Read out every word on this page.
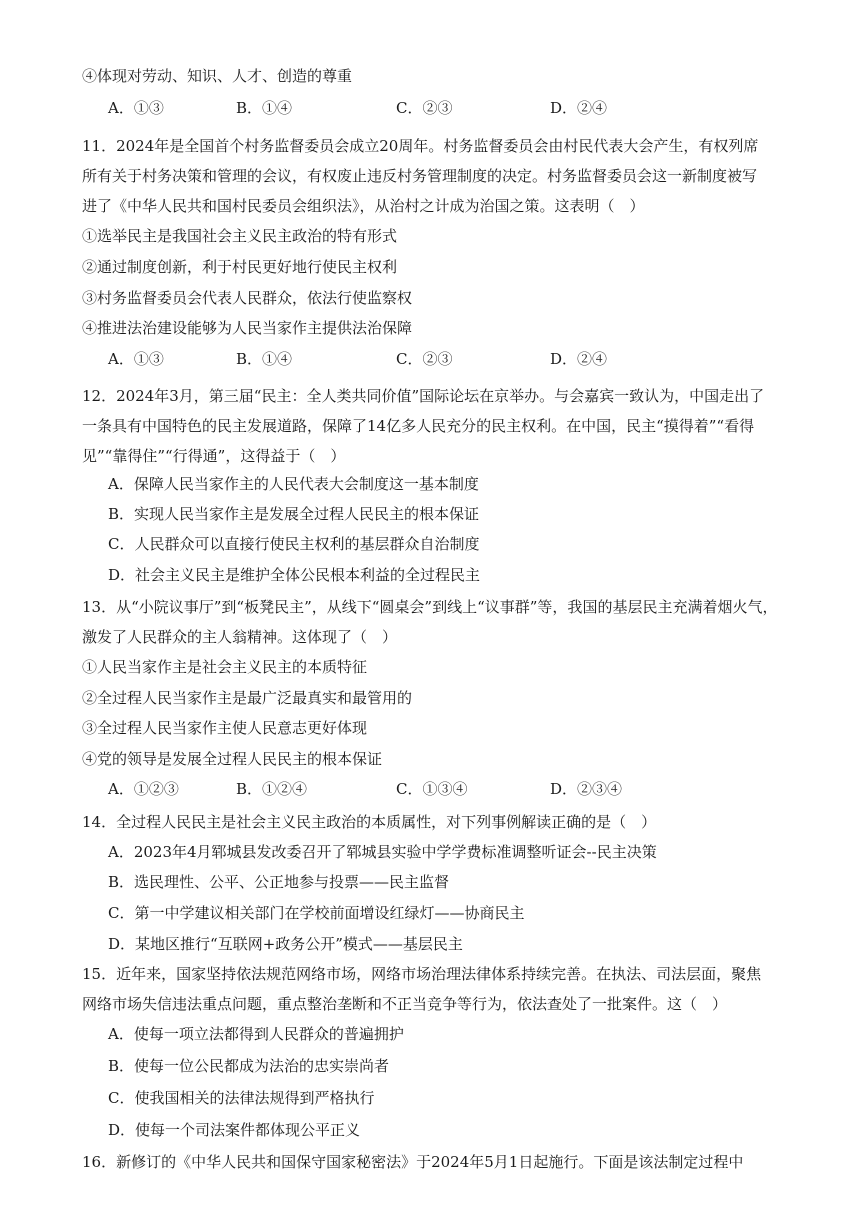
④体现对劳动、知识、人才、创造的尊重
A．①③	B．①④	C．②③	D．②④
11．2024年是全国首个村务监督委员会成立20周年。村务监督委员会由村民代表大会产生，有权列席
所有关于村务决策和管理的会议，有权废止违反村务管理制度的决定。村务监督委员会这一新制度被写
进了《中华人民共和国村民委员会组织法》，从治村之计成为治国之策。这表明（　）
①选举民主是我国社会主义民主政治的特有形式
②通过制度创新，利于村民更好地行使民主权利
③村务监督委员会代表人民群众，依法行使监察权
④推进法治建设能够为人民当家作主提供法治保障
A．①③	B．①④	C．②③	D．②④
12．2024年3月，第三届“民主：全人类共同价值”国际论坛在京举办。与会嘉宾一致认为，中国走出了
一条具有中国特色的民主发展道路，保障了14亿多人民充分的民主权利。在中国，民主“摸得着”“看得
见”“靠得住”“行得通”，这得益于（　）
A．保障人民当家作主的人民代表大会制度这一基本制度
B．实现人民当家作主是发展全过程人民民主的根本保证
C．人民群众可以直接行使民主权利的基层群众自治制度
D．社会主义民主是维护全体公民根本利益的全过程民主
13．从“小院议事厅”到“板凳民主”，从线下“圆桌会”到线上“议事群”等，我国的基层民主充满着烟火气，
激发了人民群众的主人翁精神。这体现了（　）
①人民当家作主是社会主义民主的本质特征
②全过程人民当家作主是最广泛最真实和最管用的
③全过程人民当家作主使人民意志更好体现
④党的领导是发展全过程人民民主的根本保证
A．①②③	B．①②④	C．①③④	D．②③④
14．全过程人民民主是社会主义民主政治的本质属性，对下列事例解读正确的是（　）
A．2023年4月郓城县发改委召开了郓城县实验中学学费标准调整听证会--民主决策
B．选民理性、公平、公正地参与投票——民主监督
C．第一中学建议相关部门在学校前面增设红绿灯——协商民主
D．某地区推行“互联网+政务公开”模式——基层民主
15．近年来，国家坚持依法规范网络市场，网络市场治理法律体系持续完善。在执法、司法层面，聚焦
网络市场失信违法重点问题，重点整治垄断和不正当竞争等行为，依法查处了一批案件。这（　）
A．使每一项立法都得到人民群众的普遍拥护
B．使每一位公民都成为法治的忠实崇尚者
C．使我国相关的法律法规得到严格执行
D．使每一个司法案件都体现公平正义
16．新修订的《中华人民共和国保守国家秘密法》于2024年5月1日起施行。下面是该法制定过程中
